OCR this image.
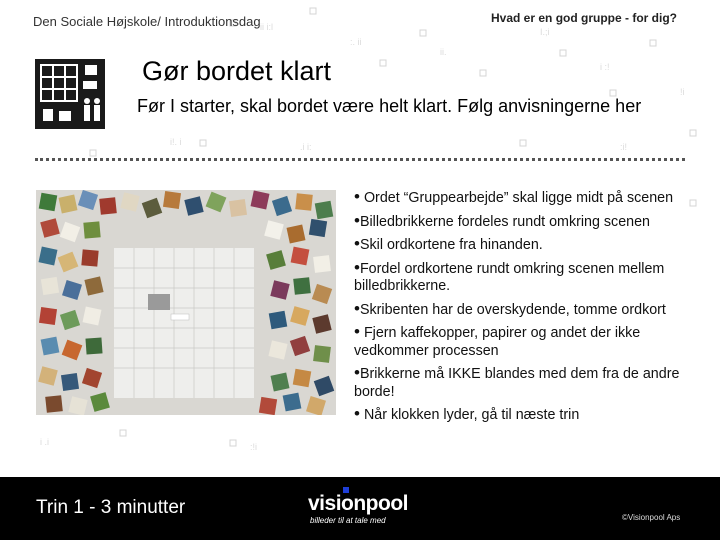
ii i:l
:. ii
I.;i
i :!
ii.
!i
i!. i	.i i:	:i!
i .i	:!i
Den Sociale Højskole/ Introduktionsdag	Hvad er en god gruppe - for dig?
Gør bordet klart
Før I starter, skal bordet være helt klart. Følg anvisningerne her
• Ordet “Gruppearbejde” skal ligge midt på scenen
•Billedbrikkerne fordeles rundt omkring scenen
•Skil ordkortene fra hinanden.
•Fordel ordkortene rundt omkring scenen mellem billedbrikkerne.
•Skribenten har de overskydende, tomme ordkort
• Fjern kaffekopper, papirer og andet der ikke vedkommer processen
•Brikkerne må IKKE blandes med dem fra de andre borde!
• Når klokken lyder, gå til næste trin
Trin 1 - 3 minutter	visionpool
billeder til at tale med	©Visionpool Aps
